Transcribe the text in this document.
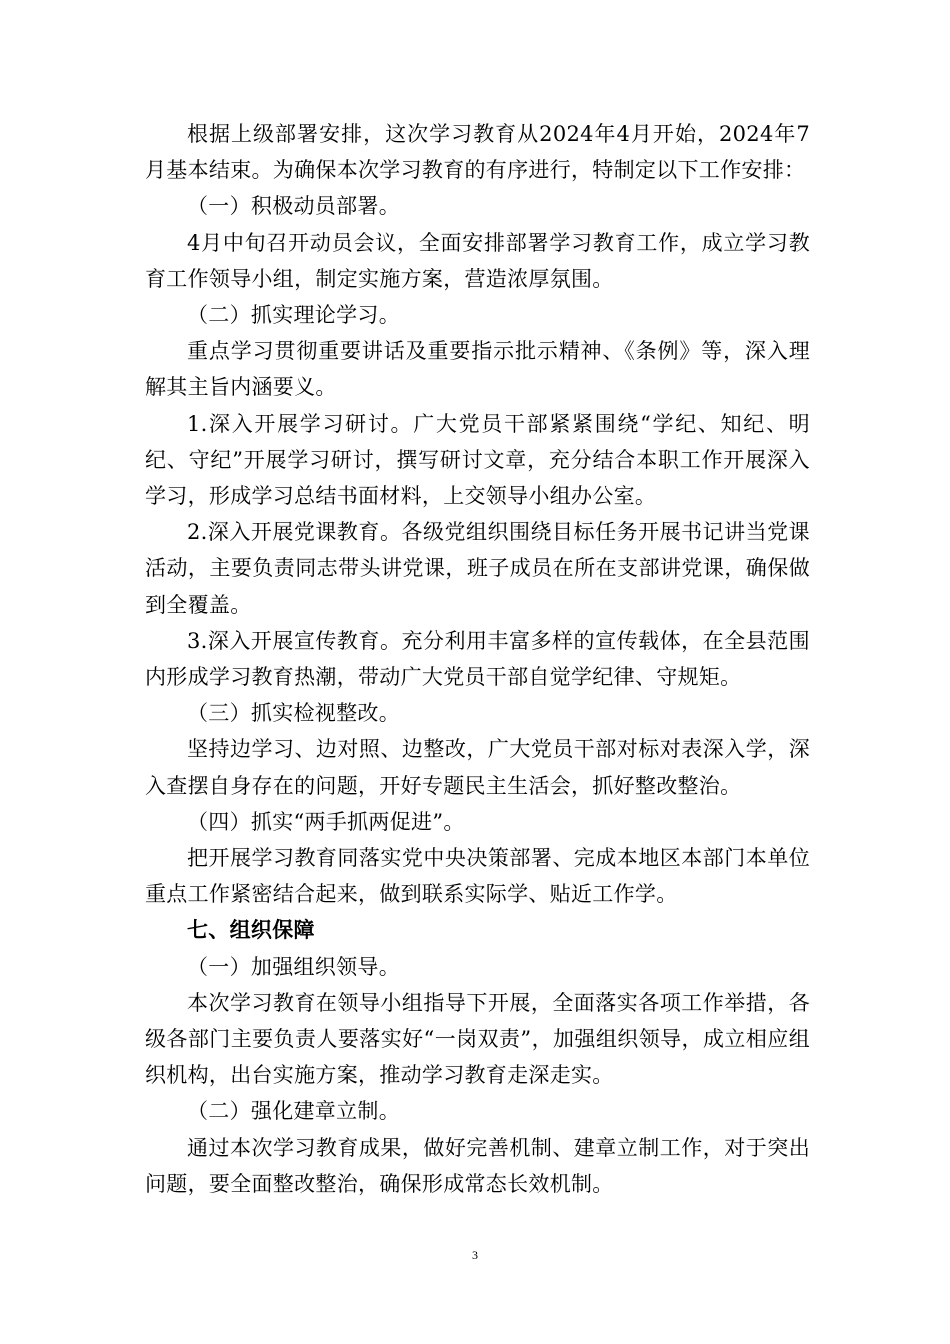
根据上级部署安排，这次学习教育从2024年4月开始，2024年7月基本结束。为确保本次学习教育的有序进行，特制定以下工作安排：

（一）积极动员部署。

4月中旬召开动员会议，全面安排部署学习教育工作，成立学习教育工作领导小组，制定实施方案，营造浓厚氛围。

（二）抓实理论学习。

重点学习贯彻重要讲话及重要指示批示精神、《条例》等，深入理解其主旨内涵要义。

1.深入开展学习研讨。广大党员干部紧紧围绕“学纪、知纪、明纪、守纪”开展学习研讨，撰写研讨文章，充分结合本职工作开展深入学习，形成学习总结书面材料，上交领导小组办公室。

2.深入开展党课教育。各级党组织围绕目标任务开展书记讲当党课活动，主要负责同志带头讲党课，班子成员在所在支部讲党课，确保做到全覆盖。

3.深入开展宣传教育。充分利用丰富多样的宣传载体，在全县范围内形成学习教育热潮，带动广大党员干部自觉学纪律、守规矩。

（三）抓实检视整改。

坚持边学习、边对照、边整改，广大党员干部对标对表深入学，深入查摆自身存在的问题，开好专题民主生活会，抓好整改整治。

（四）抓实“两手抓两促进”。

把开展学习教育同落实党中央决策部署、完成本地区本部门本单位重点工作紧密结合起来，做到联系实际学、贴近工作学。

七、组织保障

（一）加强组织领导。

本次学习教育在领导小组指导下开展，全面落实各项工作举措，各级各部门主要负责人要落实好“一岗双责”，加强组织领导，成立相应组织机构，出台实施方案，推动学习教育走深走实。

（二）强化建章立制。

通过本次学习教育成果，做好完善机制、建章立制工作，对于突出问题，要全面整改整治，确保形成常态长效机制。

3
